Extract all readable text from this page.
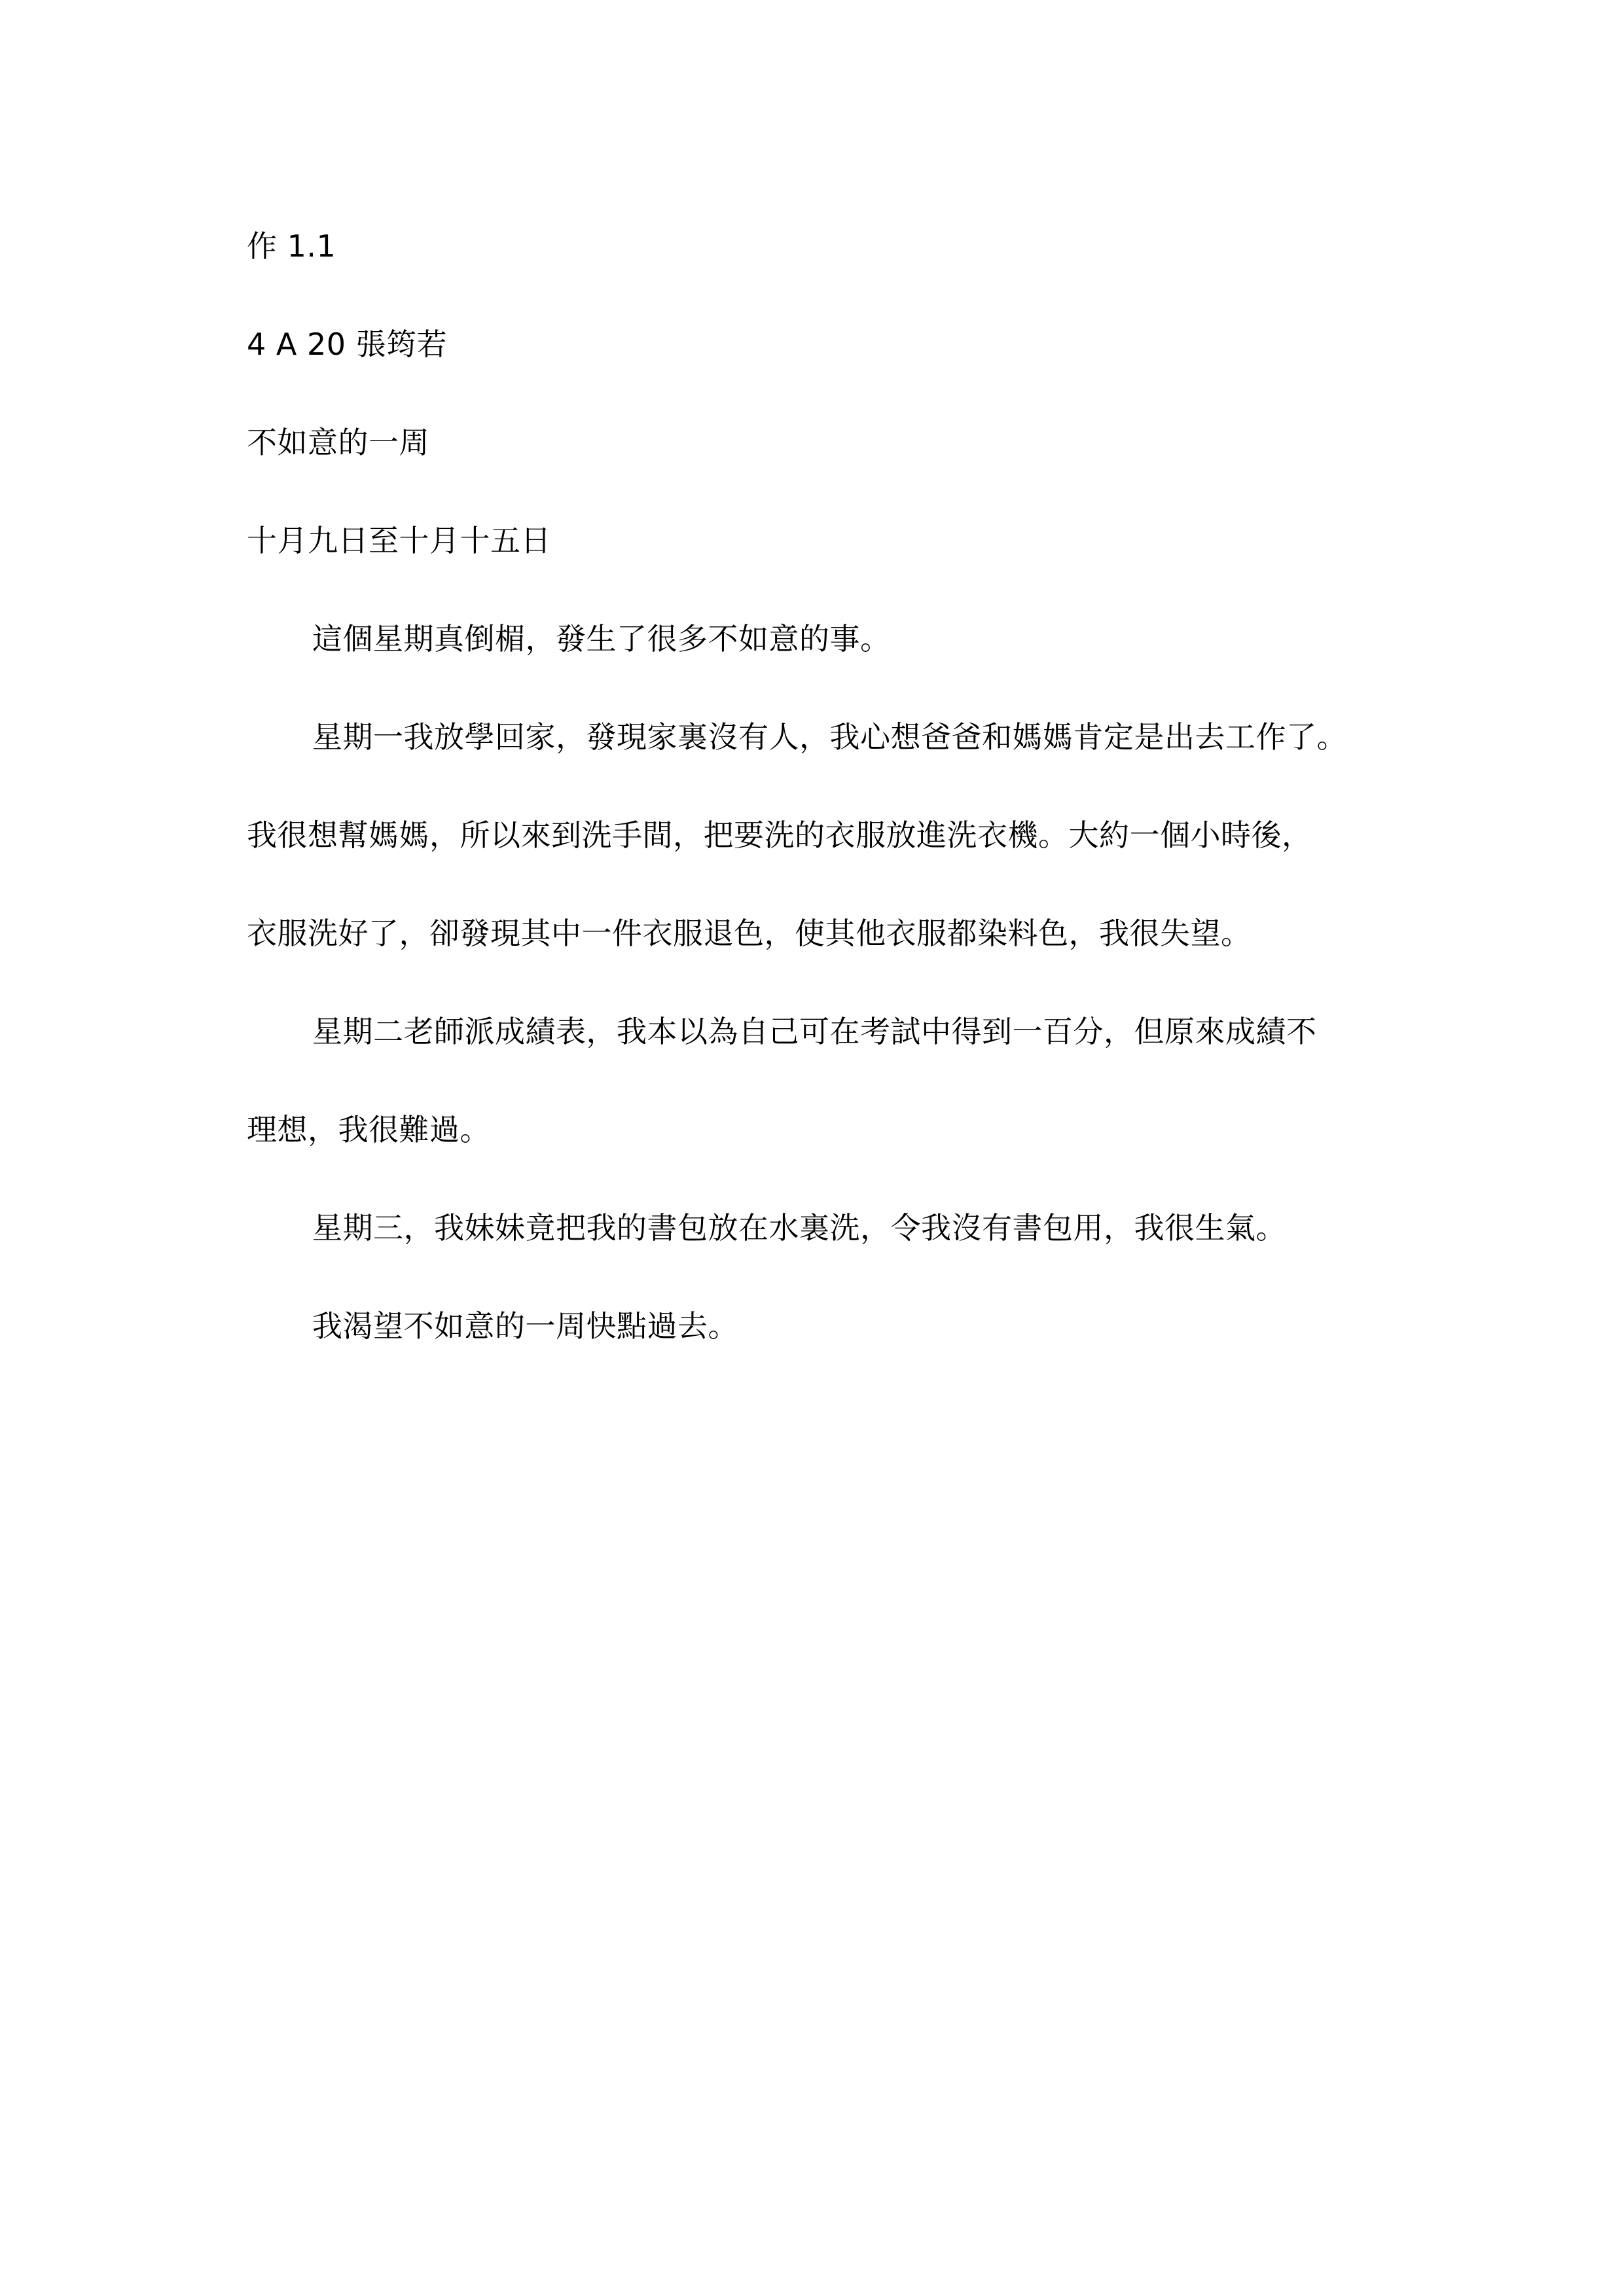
作 1.1
4 A 20 張筠若
不如意的一周
十月九日至十月十五日
這個星期真倒楣，發生了很多不如意的事。
星期一我放學回家，發現家裏沒有人，我心想爸爸和媽媽肯定是出去工作了。
我很想幫媽媽，所以來到洗手間，把要洗的衣服放進洗衣機。大約一個小時後，
衣服洗好了，卻發現其中一件衣服退色，使其他衣服都染料色，我很失望。
星期二老師派成績表，我本以為自己可在考試中得到一百分，但原來成績不
理想，我很難過。
星期三，我妹妹竟把我的書包放在水裏洗，令我沒有書包用，我很生氣。
我渴望不如意的一周快點過去。
